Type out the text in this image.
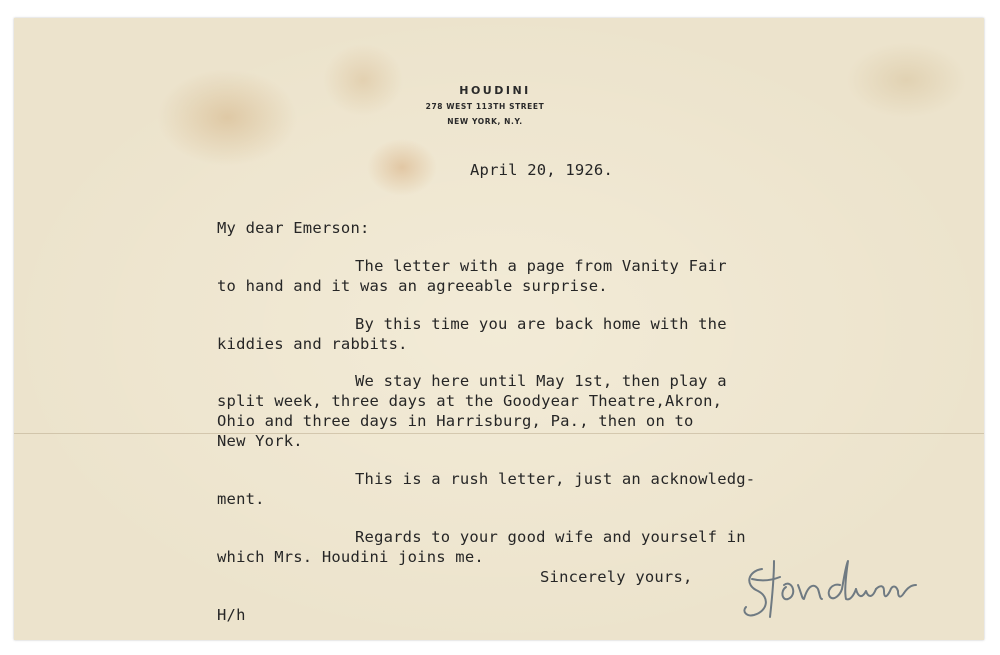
HOUDINI
278 WEST 113TH STREET
NEW YORK, N.Y.
April 20, 1926.
My dear Emerson:
The letter with a page from Vanity Fair
to hand and it was an agreeable surprise.
By this time you are back home with the
kiddies and rabbits.
We stay here until May 1st, then play a
split week, three days at the Goodyear Theatre,Akron,
Ohio and three days in Harrisburg, Pa., then on to
New York.
This is a rush letter, just an acknowledg-
ment.
Regards to your good wife and yourself in
which Mrs. Houdini joins me.
Sincerely yours,
H/h
